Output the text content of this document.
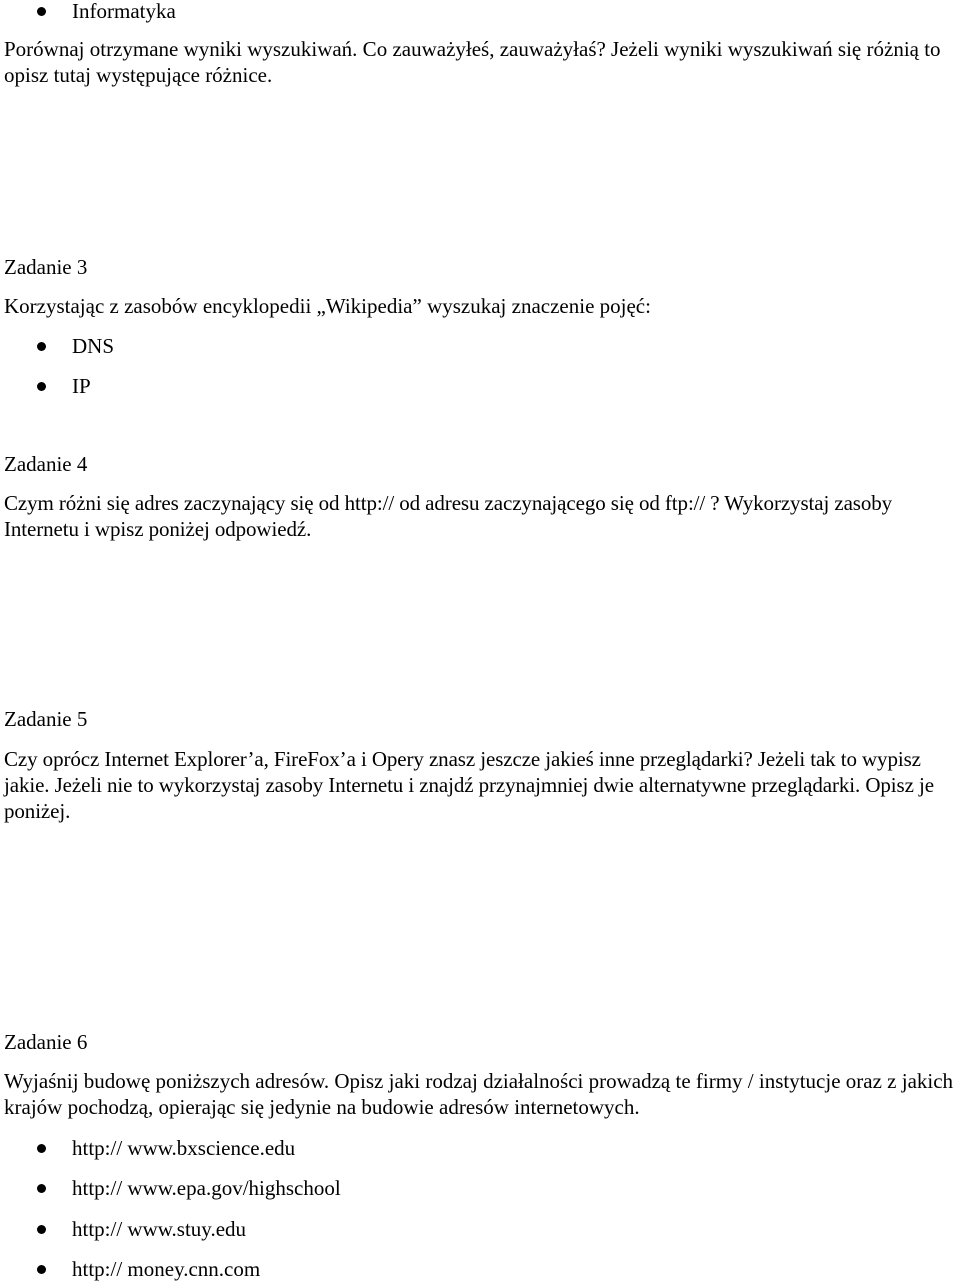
Informatyka

Porównaj otrzymane wyniki wyszukiwań. Co zauważyłeś, zauważyłaś? Jeżeli wyniki wyszukiwań się różnią to opisz tutaj występujące różnice.

Zadanie 3

Korzystając z zasobów encyklopedii „Wikipedia” wyszukaj znaczenie pojęć:

DNS
IP
Zadanie 4

Czym różni się adres zaczynający się od http:// od adresu zaczynającego się od ftp:// ? Wykorzystaj zasoby Internetu i wpisz poniżej odpowiedź.

Zadanie 5

Czy oprócz Internet Explorer’a, FireFox’a i Opery znasz jeszcze jakieś inne przeglądarki? Jeżeli tak to wypisz jakie. Jeżeli nie to wykorzystaj zasoby Internetu i znajdź przynajmniej dwie alternatywne przeglądarki. Opisz je poniżej.

Zadanie 6

Wyjaśnij budowę poniższych adresów. Opisz jaki rodzaj działalności prowadzą te firmy / instytucje oraz z jakich krajów pochodzą, opierając się jedynie na budowie adresów internetowych.

http:// www.bxscience.edu
http:// www.epa.gov/highschool
http:// www.stuy.edu
http:// money.cnn.com
